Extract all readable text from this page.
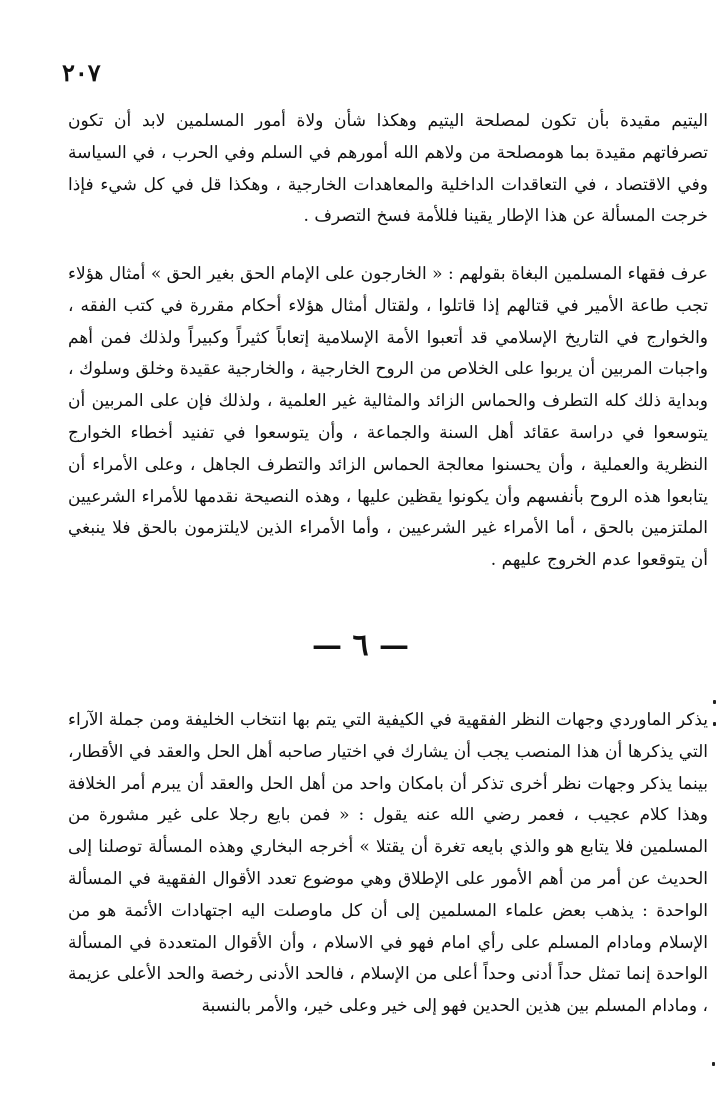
٢٠٧

اليتيم مقيدة بأن تكون لمصلحة اليتيم وهكذا شأن ولاة أمور المسلمين لابد أن تكون تصرفاتهم مقيدة بما هومصلحة من ولاهم الله أمورهم في السلم وفي الحرب ، في السياسة وفي الاقتصاد ، في التعاقدات الداخلية والمعاهدات الخارجية ، وهكذا قل في كل شيء فإذا خرجت المسألة عن هذا الإطار يقينا فللأمة فسخ التصرف .

عرف فقهاء المسلمين البغاة بقولهم : « الخارجون على الإمام الحق بغير الحق » أمثال هؤلاء تجب طاعة الأمير في قتالهم إذا قاتلوا ، ولقتال أمثال هؤلاء أحكام مقررة في كتب الفقه ، والخوارج في التاريخ الإسلامي قد أتعبوا الأمة الإسلامية إتعاباً كثيراً وكبيراً ولذلك فمن أهم واجبات المربين أن يربوا على الخلاص من الروح الخارجية ، والخارجية عقيدة وخلق وسلوك ، وبداية ذلك كله التطرف والحماس الزائد والمثالية غير العلمية ، ولذلك فإن على المربين أن يتوسعوا في دراسة عقائد أهل السنة والجماعة ، وأن يتوسعوا في تفنيد أخطاء الخوارج النظرية والعملية ، وأن يحسنوا معالجة الحماس الزائد والتطرف الجاهل ، وعلى الأمراء أن يتابعوا هذه الروح بأنفسهم وأن يكونوا يقظين عليها ، وهذه النصيحة نقدمها للأمراء الشرعيين الملتزمين بالحق ، أما الأمراء غير الشرعيين ، وأما الأمراء الذين لايلتزمون بالحق فلا ينبغي أن يتوقعوا عدم الخروج عليهم .

— ٦ —

يذكر الماوردي وجهات النظر الفقهية في الكيفية التي يتم بها انتخاب الخليفة ومن جملة الآراء التي يذكرها أن هذا المنصب يجب أن يشارك في اختيار صاحبه أهل الحل والعقد في الأقطار، بينما يذكر وجهات نظر أخرى تذكر أن بامكان واحد من أهل الحل والعقد أن يبرم أمر الخلافة وهذا كلام عجيب ، فعمر رضي الله عنه يقول : « فمن بايع رجلا على غير مشورة من المسلمين فلا يتابع هو والذي بايعه تغرة أن يقتلا » أخرجه البخاري وهذه المسألة توصلنا إلى الحديث عن أمر من أهم الأمور على الإطلاق وهي موضوع تعدد الأقوال الفقهية في المسألة الواحدة : يذهب بعض علماء المسلمين إلى أن كل ماوصلت اليه اجتهادات الأئمة هو من الإسلام ومادام المسلم على رأي امام فهو في الاسلام ، وأن الأقوال المتعددة في المسألة الواحدة إنما تمثل حداً أدنى وحداً أعلى من الإسلام ، فالحد الأدنى رخصة والحد الأعلى عزيمة ، ومادام المسلم بين هذين الحدين فهو إلى خير وعلى خير، والأمر بالنسبة
